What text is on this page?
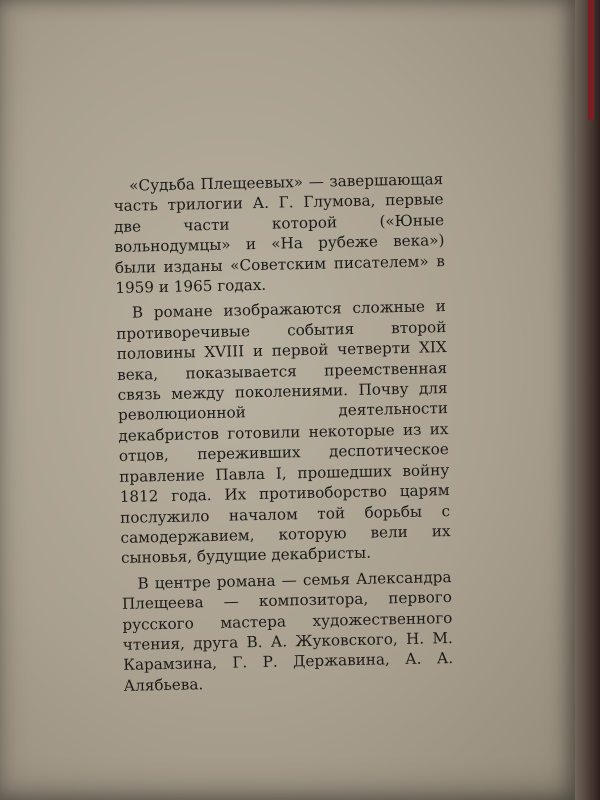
«Судьба Плещеевых» — завершающая часть трилогии А. Г. Глумова, первые две части которой («Юные вольнодумцы» и «На рубеже века») были изданы «Советским писателем» в 1959 и 1965 годах.

В романе изображаются сложные и противоречивые события второй половины XVIII и первой четверти XIX века, показывается преемственная связь между поколениями. Почву для революционной деятельности декабристов готовили некоторые из их отцов, переживших деспотическое правление Павла I, прошедших войну 1812 года. Их противоборство царям послужило началом той борьбы с самодержавием, которую вели их сыновья, будущие декабристы.

В центре романа — семья Александра Плещеева — композитора, первого русского мастера художественного чтения, друга В. А. Жуковского, Н. М. Карамзина, Г. Р. Державина, А. А. Алябьева.
